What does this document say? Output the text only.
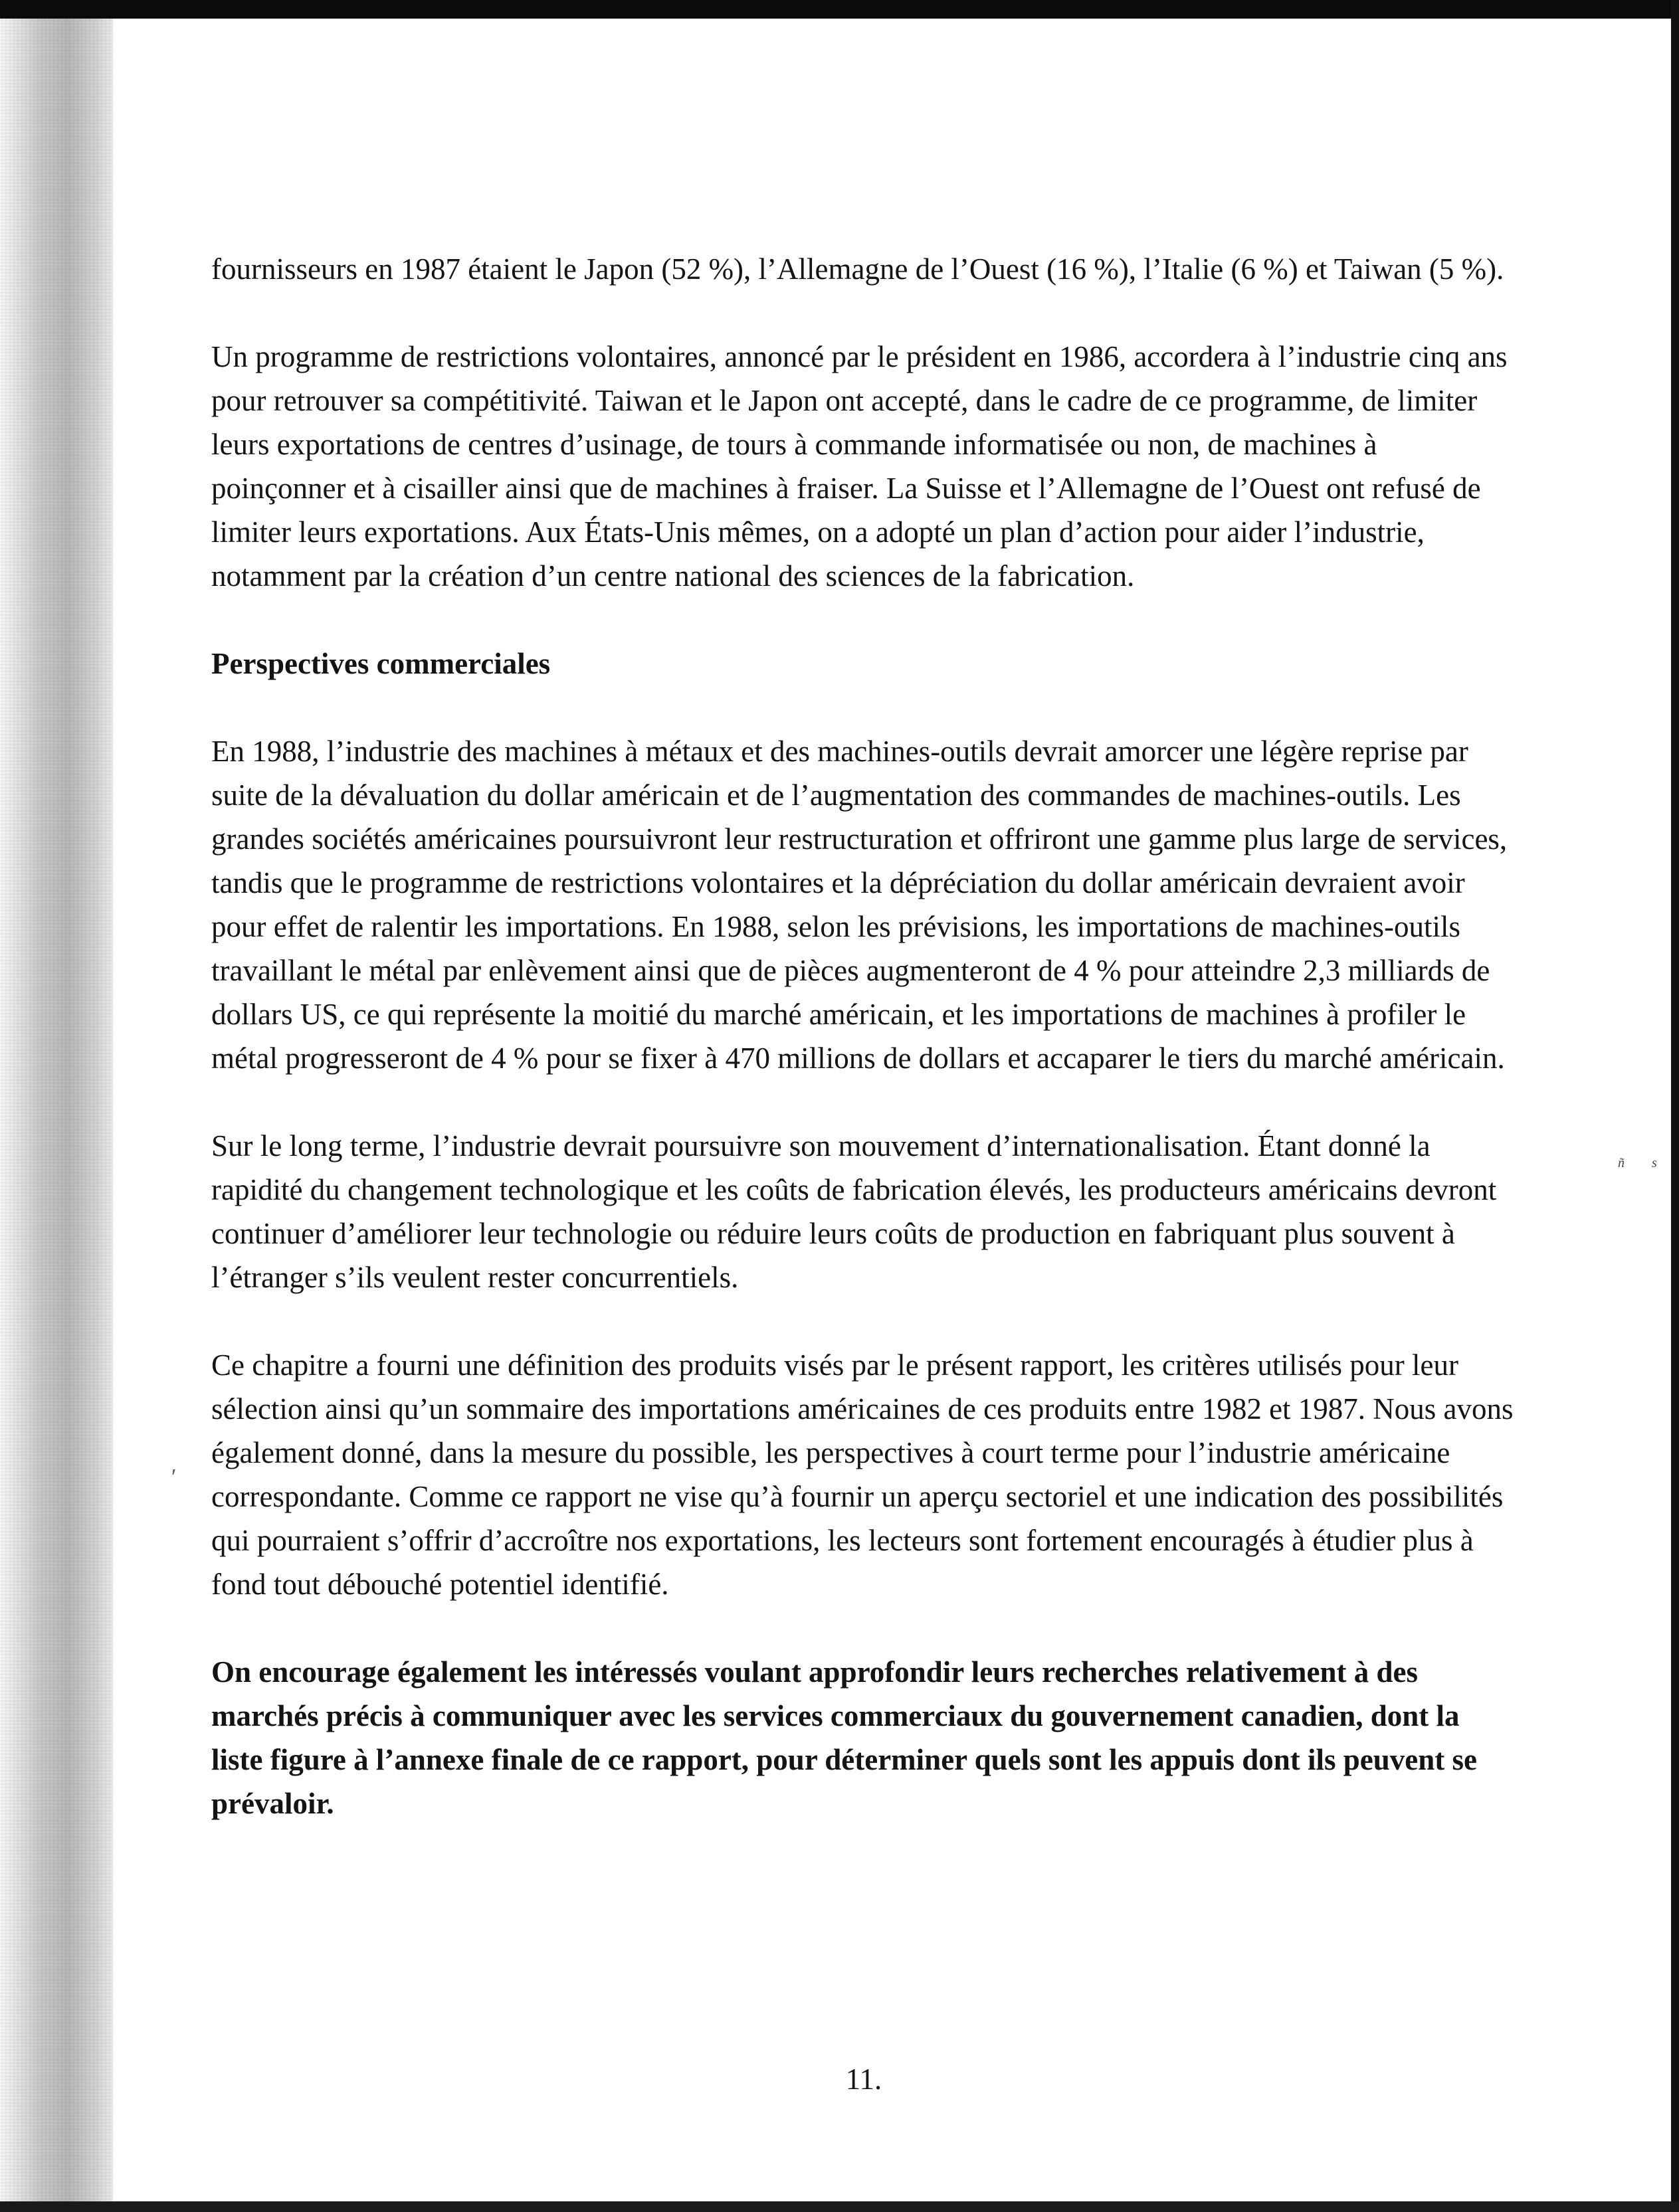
fournisseurs en 1987 étaient le Japon (52 %), l’Allemagne de l’Ouest (16 %), l’Italie (6 %) et Taiwan (5 %).

Un programme de restrictions volontaires, annoncé par le président en 1986, accordera à l’industrie cinq ans pour retrouver sa compétitivité. Taiwan et le Japon ont accepté, dans le cadre de ce programme, de limiter leurs exportations de centres d’usinage, de tours à commande informatisée ou non, de machines à poinçonner et à cisailler ainsi que de machines à fraiser. La Suisse et l’Allemagne de l’Ouest ont refusé de limiter leurs exportations. Aux États-Unis mêmes, on a adopté un plan d’action pour aider l’industrie, notamment par la création d’un centre national des sciences de la fabrication.

Perspectives commerciales

En 1988, l’industrie des machines à métaux et des machines-outils devrait amorcer une légère reprise par suite de la dévaluation du dollar américain et de l’augmentation des commandes de machines-outils. Les grandes sociétés américaines poursuivront leur restructuration et offriront une gamme plus large de services, tandis que le programme de restrictions volontaires et la dépréciation du dollar américain devraient avoir pour effet de ralentir les importations. En 1988, selon les prévisions, les importations de machines-outils travaillant le métal par enlèvement ainsi que de pièces augmenteront de 4 % pour atteindre 2,3 milliards de dollars US, ce qui représente la moitié du marché américain, et les importations de machines à profiler le métal progresseront de 4 % pour se fixer à 470 millions de dollars et accaparer le tiers du marché américain.

Sur le long terme, l’industrie devrait poursuivre son mouvement d’internationalisation. Étant donné la rapidité du changement technologique et les coûts de fabrication élevés, les producteurs américains devront continuer d’améliorer leur technologie ou réduire leurs coûts de production en fabriquant plus souvent à l’étranger s’ils veulent rester concurrentiels.

Ce chapitre a fourni une définition des produits visés par le présent rapport, les critères utilisés pour leur sélection ainsi qu’un sommaire des importations américaines de ces produits entre 1982 et 1987. Nous avons également donné, dans la mesure du possible, les perspectives à court terme pour l’industrie américaine correspondante. Comme ce rapport ne vise qu’à fournir un aperçu sectoriel et une indication des possibilités qui pourraient s’offrir d’accroître nos exportations, les lecteurs sont fortement encouragés à étudier plus à fond tout débouché potentiel identifié.

On encourage également les intéressés voulant approfondir leurs recherches relativement à des marchés précis à communiquer avec les services commerciaux du gouvernement canadien, dont la liste figure à l’annexe finale de ce rapport, pour déterminer quels sont les appuis dont ils peuvent se prévaloir.

ñ s
′
11.
